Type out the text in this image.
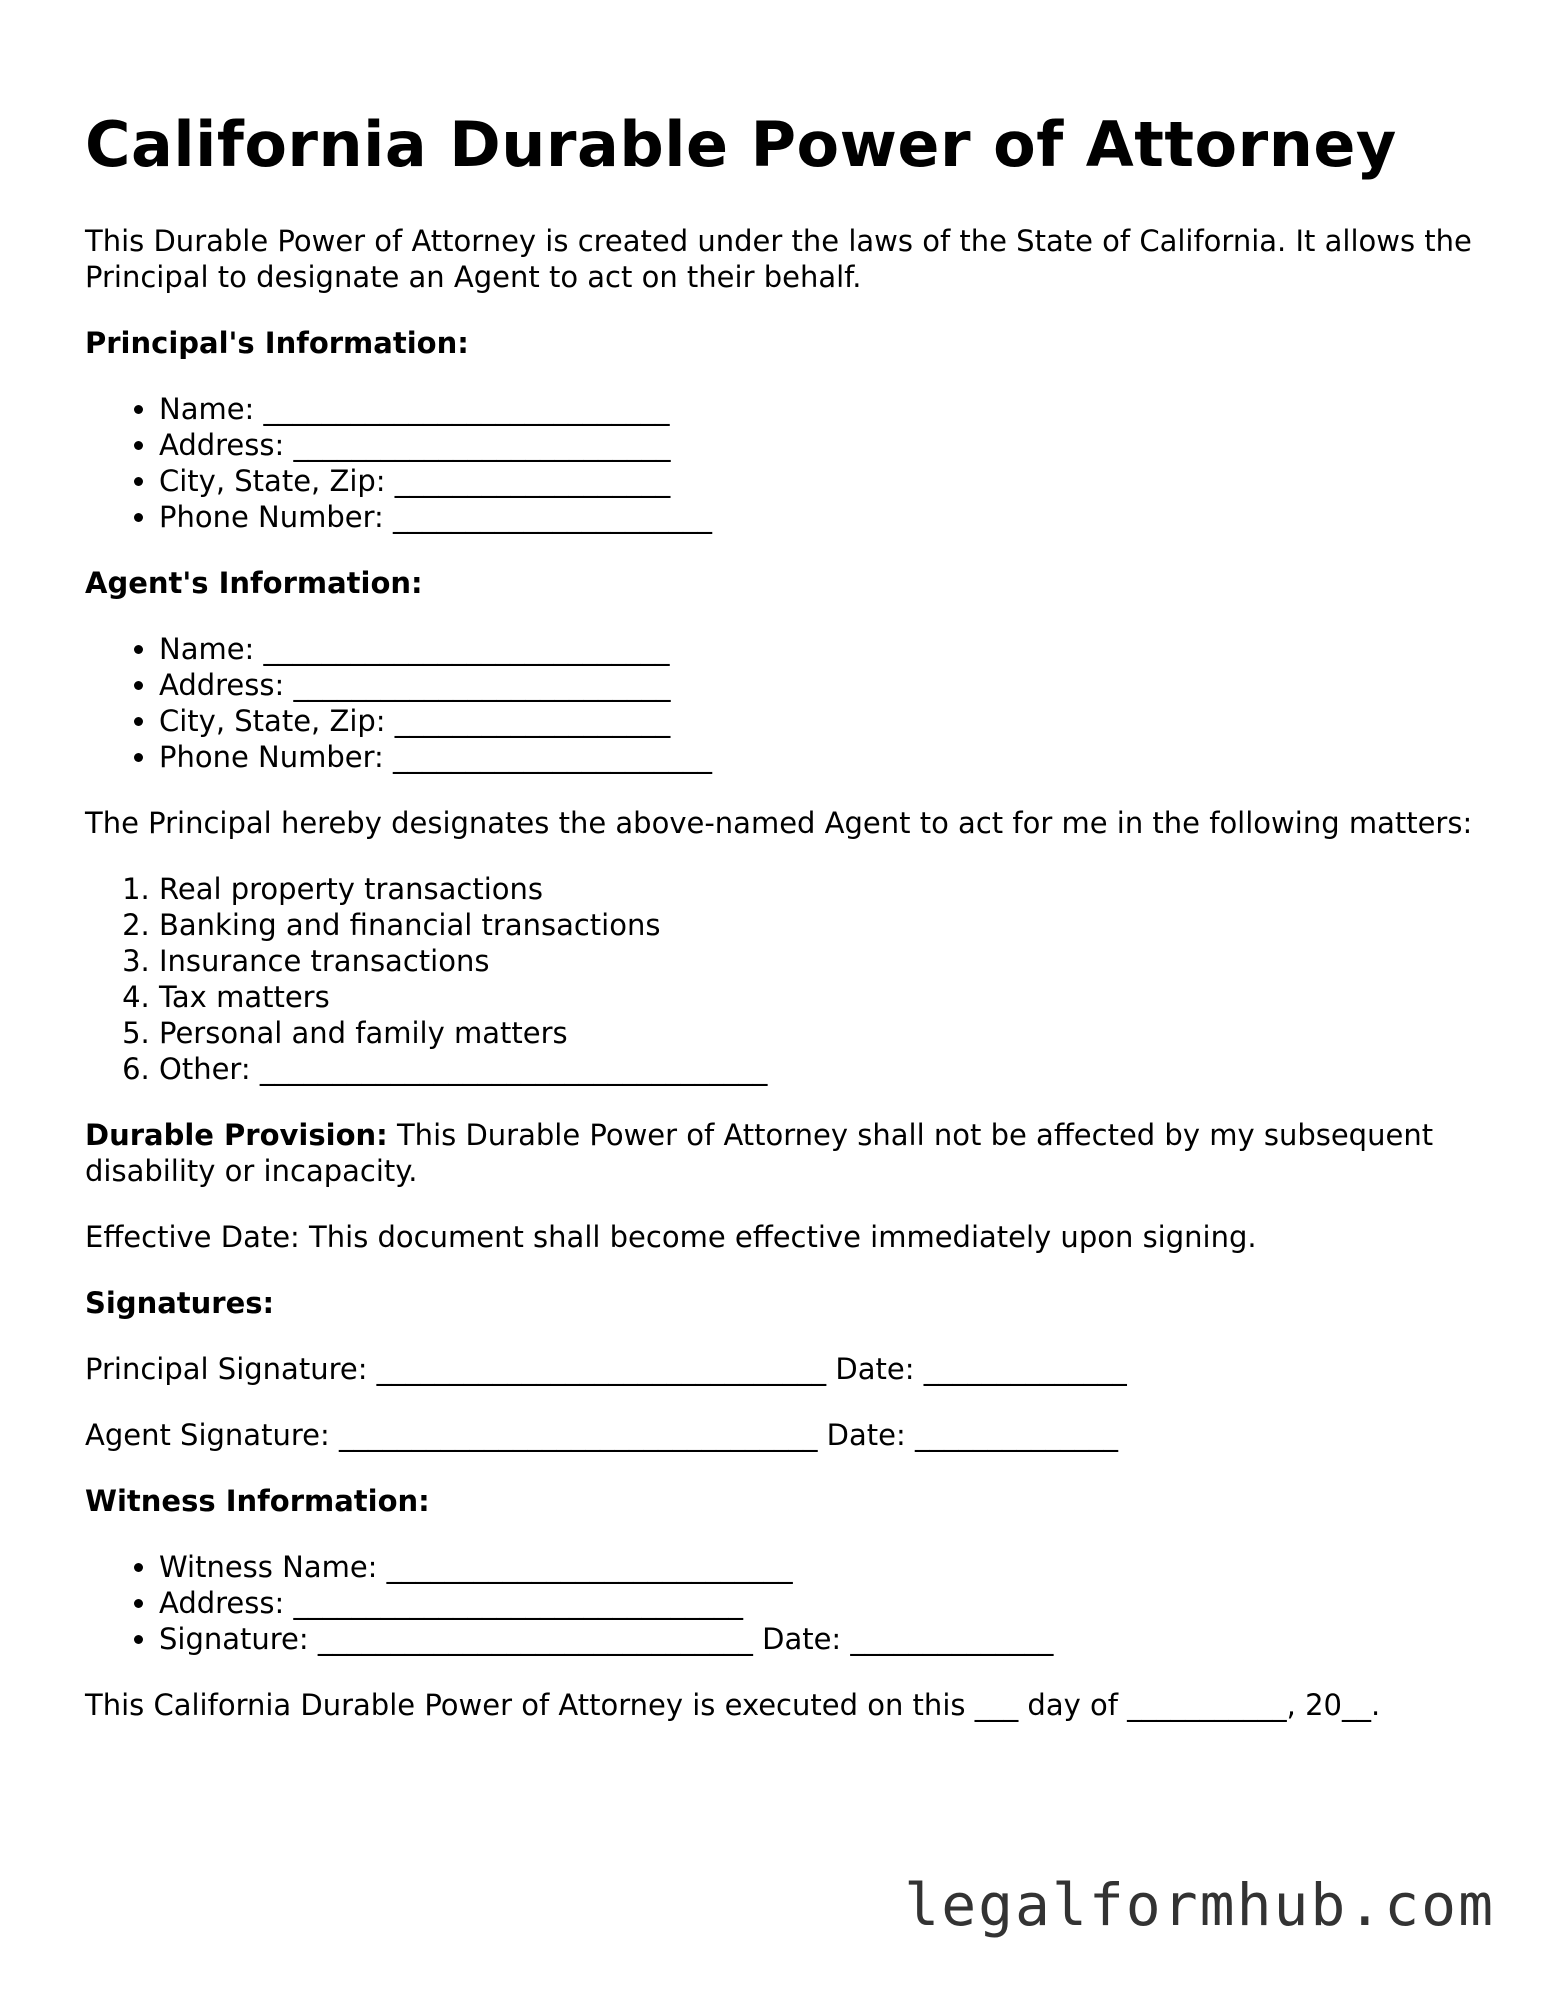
California Durable Power of Attorney

This Durable Power of Attorney is created under the laws of the State of California. It allows the Principal to designate an Agent to act on their behalf.

Principal's Information:
• Name: ____________________________
• Address: __________________________
• City, State, Zip: ___________________
• Phone Number: ______________________
Agent's Information:
• Name: ____________________________
• Address: __________________________
• City, State, Zip: ___________________
• Phone Number: ______________________

The Principal hereby designates the above-named Agent to act for me in the following matters:

1. Real property transactions
2. Banking and financial transactions
3. Insurance transactions
4. Tax matters
5. Personal and family matters
6. Other: ___________________________________

Durable Provision: This Durable Power of Attorney shall not be affected by my subsequent disability or incapacity.

Effective Date: This document shall become effective immediately upon signing.

Signatures:
Principal Signature: _______________________________ Date: ______________
Agent Signature: _________________________________ Date: ______________
Witness Information:
• Witness Name: ____________________________
• Address: _______________________________
• Signature: ______________________________ Date: ______________

This California Durable Power of Attorney is executed on this ___ day of ___________, 20__.

legalformhub.com
